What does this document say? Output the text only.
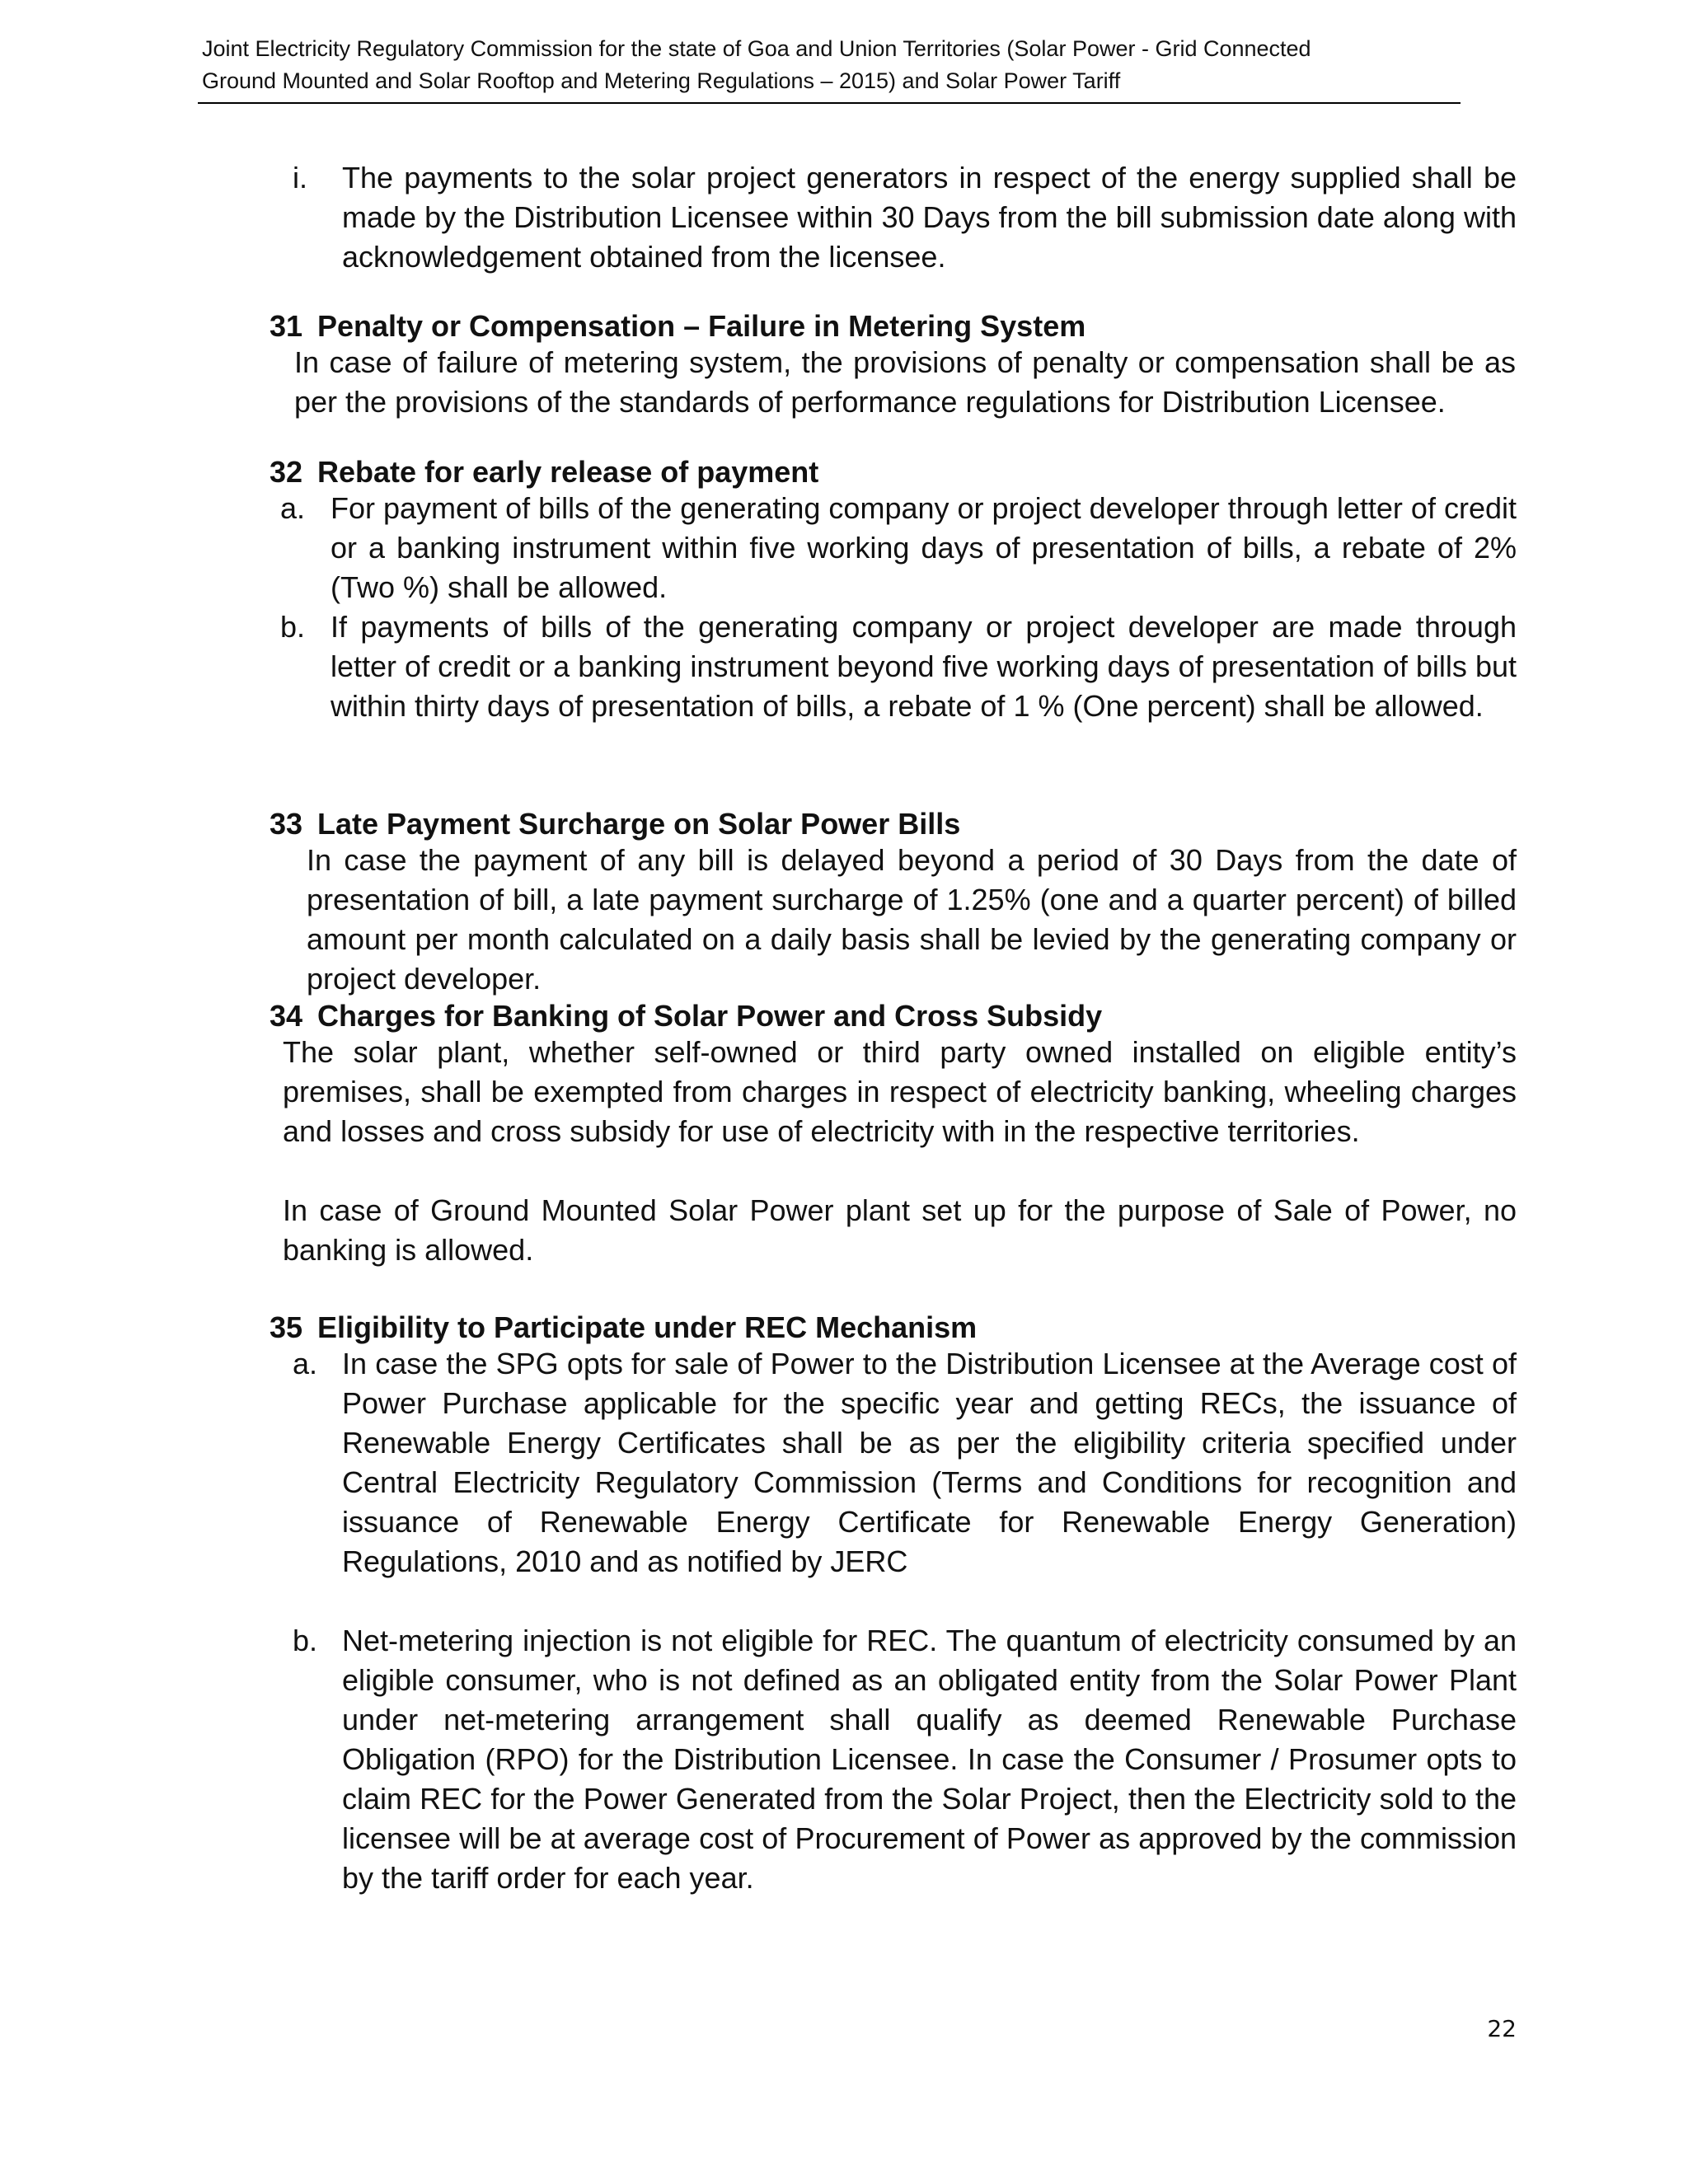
Joint Electricity Regulatory Commission for the state of Goa and Union Territories (Solar Power - Grid Connected
Ground Mounted and Solar Rooftop and Metering Regulations – 2015) and Solar Power Tariff
i. The payments to the solar project generators in respect of the energy supplied shall be made by the Distribution Licensee within 30 Days from the bill submission date along with acknowledgement obtained from the licensee.
31 Penalty or Compensation – Failure in Metering System

In case of failure of metering system, the provisions of penalty or compensation shall be as per the provisions of the standards of performance regulations for Distribution Licensee.

32 Rebate for early release of payment
a. For payment of bills of the generating company or project developer through letter of credit or a banking instrument within five working days of presentation of bills, a rebate of 2% (Two %) shall be allowed.
b. If payments of bills of the generating company or project developer are made through letter of credit or a banking instrument beyond five working days of presentation of bills but within thirty days of presentation of bills, a rebate of 1 % (One percent) shall be allowed.
33 Late Payment Surcharge on Solar Power Bills

In case the payment of any bill is delayed beyond a period of 30 Days from the date of presentation of bill, a late payment surcharge of 1.25% (one and a quarter percent) of billed amount per month calculated on a daily basis shall be levied by the generating company or project developer.

34 Charges for Banking of Solar Power and Cross Subsidy

The solar plant, whether self-owned or third party owned installed on eligible entity’s premises, shall be exempted from charges in respect of electricity banking, wheeling charges and losses and cross subsidy for use of electricity with in the respective territories.

In case of Ground Mounted Solar Power plant set up for the purpose of Sale of Power, no banking is allowed.

35 Eligibility to Participate under REC Mechanism
a. In case the SPG opts for sale of Power to the Distribution Licensee at the Average cost of Power Purchase applicable for the specific year and getting RECs, the issuance of Renewable Energy Certificates shall be as per the eligibility criteria specified under Central Electricity Regulatory Commission (Terms and Conditions for recognition and issuance of Renewable Energy Certificate for Renewable Energy Generation) Regulations, 2010 and as notified by JERC
b. Net-metering injection is not eligible for REC. The quantum of electricity consumed by an eligible consumer, who is not defined as an obligated entity from the Solar Power Plant under net-metering arrangement shall qualify as deemed Renewable Purchase Obligation (RPO) for the Distribution Licensee. In case the Consumer / Prosumer opts to claim REC for the Power Generated from the Solar Project, then the Electricity sold to the licensee will be at average cost of Procurement of Power as approved by the commission by the tariff order for each year.
22
